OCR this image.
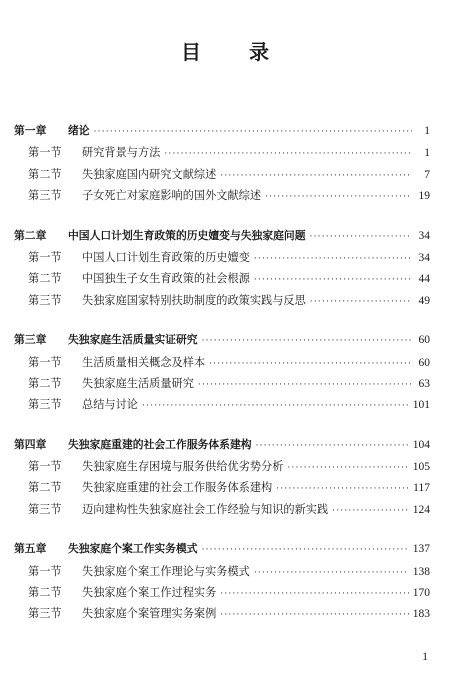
目　录
第一章	绪论 ·····	1
第一节	研究背景与方法 ·····	1
第二节	失独家庭国内研究文献综述 ·····	7
第三节	子女死亡对家庭影响的国外文献综述 ·····	19
第二章	中国人口计划生育政策的历史嬗变与失独家庭问题 ·····	34
第一节	中国人口计划生育政策的历史嬗变 ·····	34
第二节	中国独生子女生育政策的社会根源 ·····	44
第三节	失独家庭国家特别扶助制度的政策实践与反思 ·····	49
第三章	失独家庭生活质量实证研究 ·····	60
第一节	生活质量相关概念及样本 ·····	60
第二节	失独家庭生活质量研究 ·····	63
第三节	总结与讨论 ·····	101
第四章	失独家庭重建的社会工作服务体系建构 ·····	104
第一节	失独家庭生存困境与服务供给优劣势分析 ·····	105
第二节	失独家庭重建的社会工作服务体系建构 ·····	117
第三节	迈向建构性失独家庭社会工作经验与知识的新实践 ·····	124
第五章	失独家庭个案工作实务模式 ·····	137
第一节	失独家庭个案工作理论与实务模式 ·····	138
第二节	失独家庭个案工作过程实务 ·····	170
第三节	失独家庭个案管理实务案例 ·····	183
1
